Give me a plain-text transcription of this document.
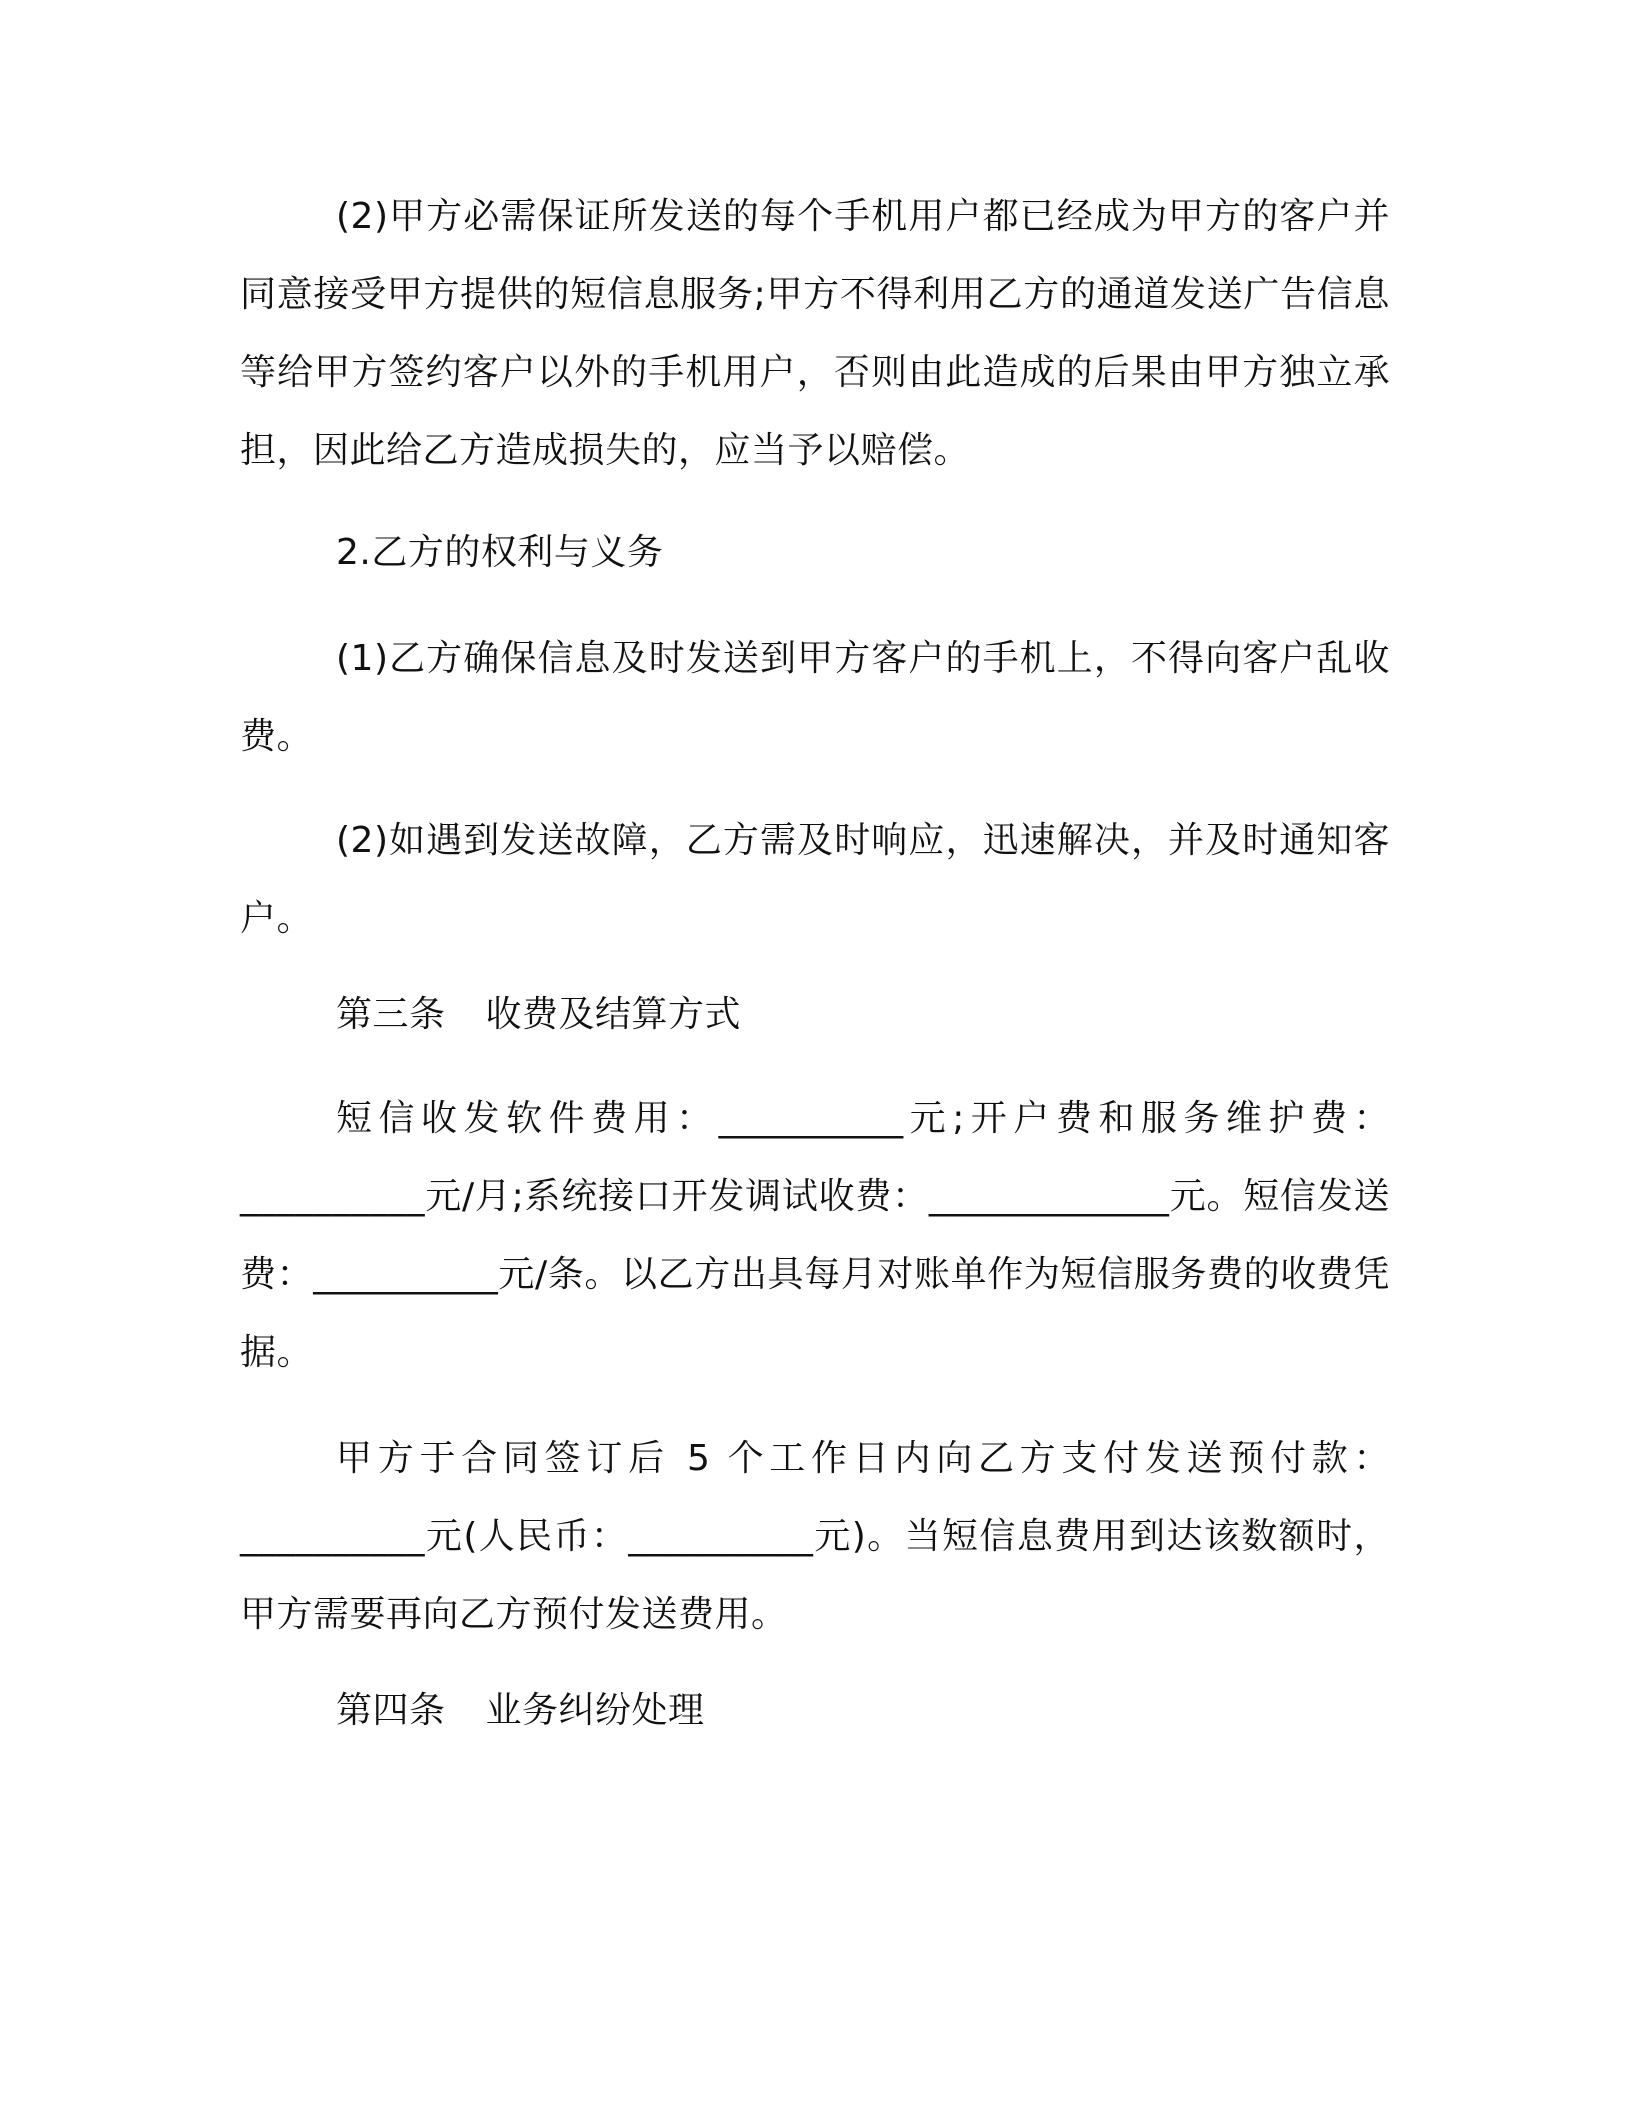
(2)甲方必需保证所发送的每个手机用户都已经成为甲方的客户并同意接受甲方提供的短信息服务;甲方不得利用乙方的通道发送广告信息等给甲方签约客户以外的手机用户，否则由此造成的后果由甲方独立承担，因此给乙方造成损失的，应当予以赔偿。

2.乙方的权利与义务

(1)乙方确保信息及时发送到甲方客户的手机上，不得向客户乱收费。

(2)如遇到发送故障，乙方需及时响应，迅速解决，并及时通知客户。

第三条 收费及结算方式

短信收发软件费用：__________元;开户费和服务维护费：__________元/月;系统接口开发调试收费：_____________元。短信发送费：__________元/条。以乙方出具每月对账单作为短信服务费的收费凭据。

甲方于合同签订后 5 个工作日内向乙方支付发送预付款：__________元(人民币：__________元)。当短信息费用到达该数额时，甲方需要再向乙方预付发送费用。

第四条 业务纠纷处理
